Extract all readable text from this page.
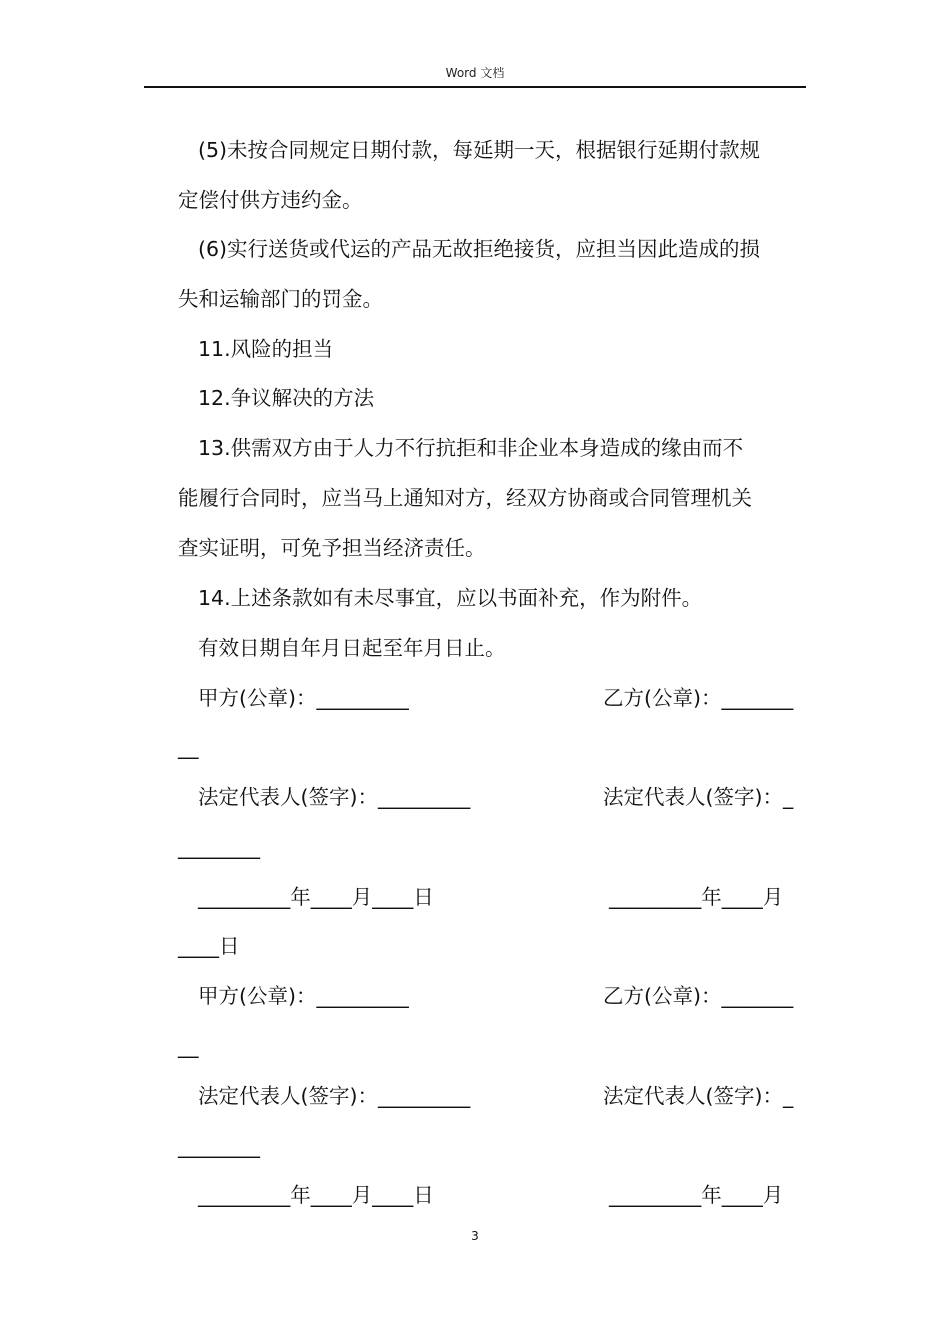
Word 文档
(5)未按合同规定日期付款，每延期一天，根据银行延期付款规
定偿付供方违约金。
(6)实行送货或代运的产品无故拒绝接货，应担当因此造成的损
失和运输部门的罚金。
11.风险的担当
12.争议解决的方法
13.供需双方由于人力不行抗拒和非企业本身造成的缘由而不
能履行合同时，应当马上通知对方，经双方协商或合同管理机关
查实证明，可免予担当经济责任。
14.上述条款如有未尽事宜，应以书面补充，作为附件。
有效日期自年月日起至年月日止。
甲方(公章)：_________	乙方(公章)：_______
__
法定代表人(签字)：_________	法定代表人(签字)：_
________
_________年____月____日	_________年____月
____日
甲方(公章)：_________	乙方(公章)：_______
__
法定代表人(签字)：_________	法定代表人(签字)：_
________
_________年____月____日	_________年____月
3
